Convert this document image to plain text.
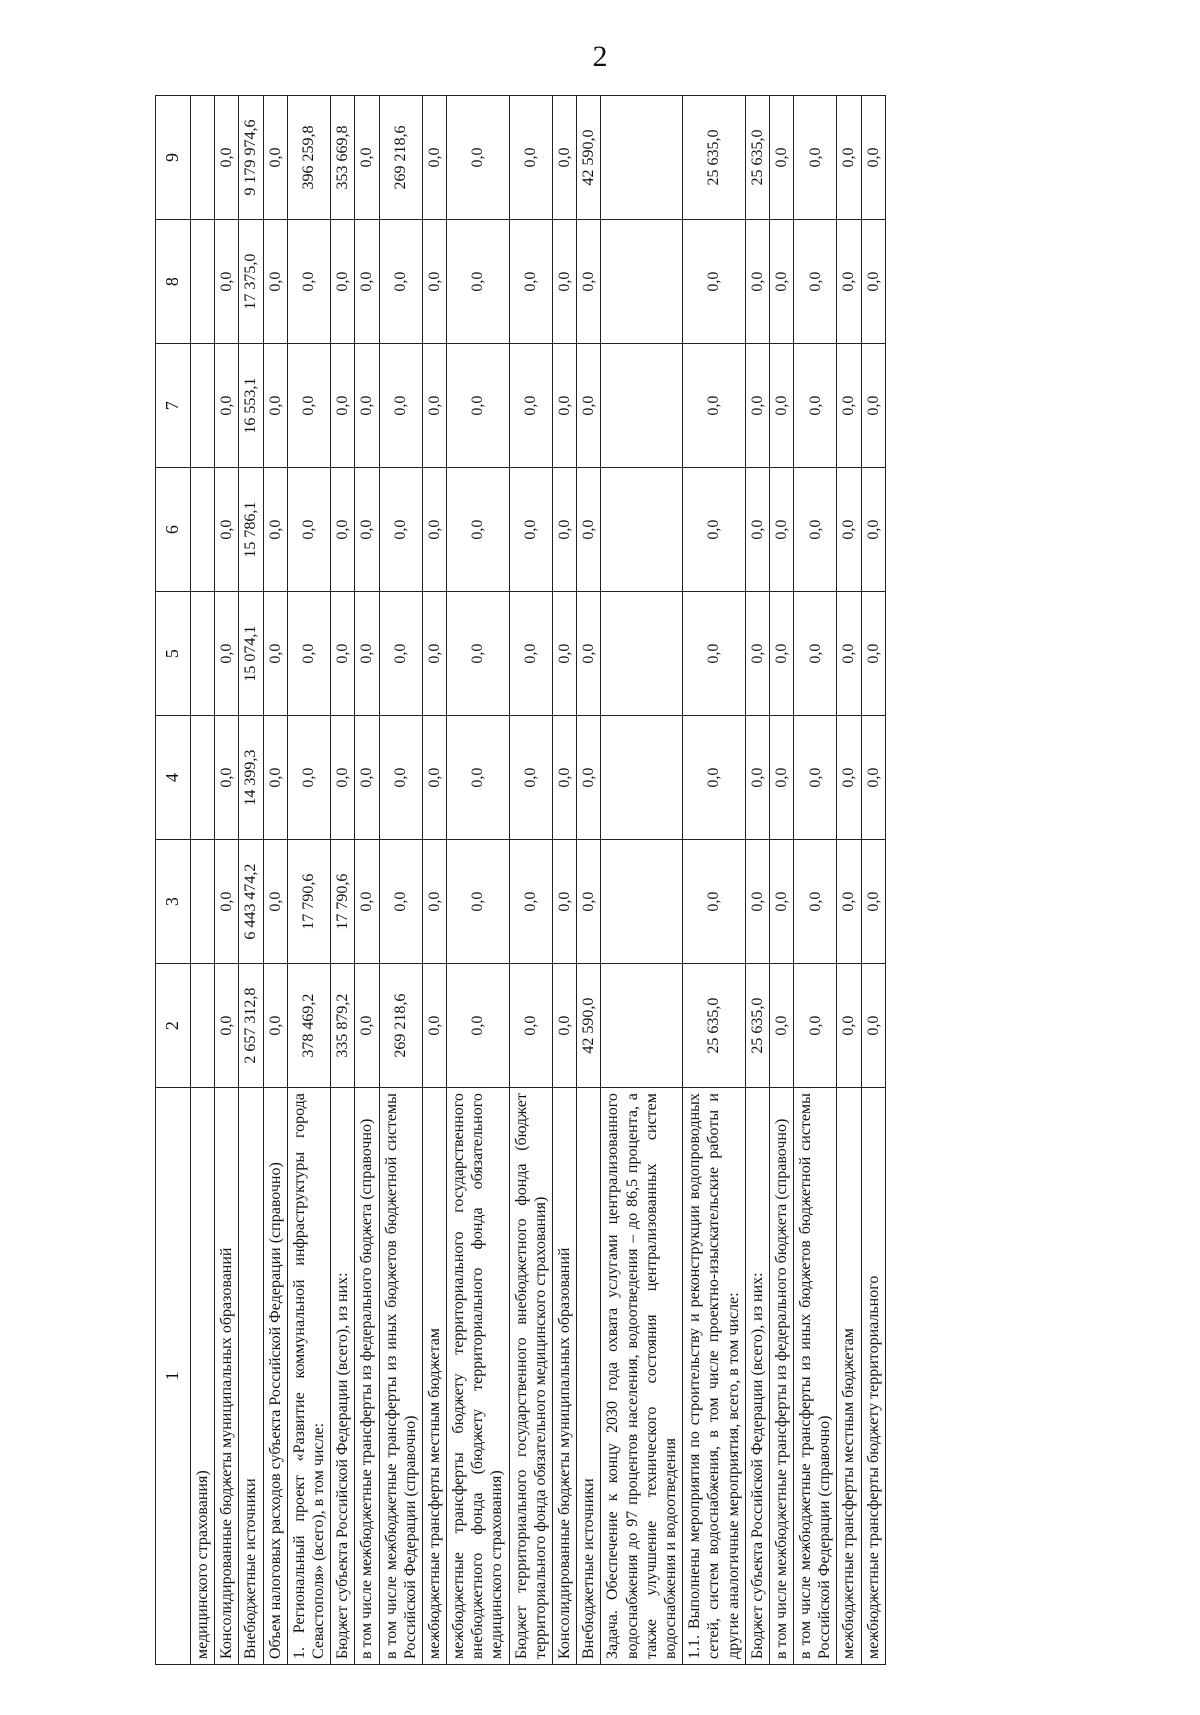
2
1	2	3	4	5	6	7	8	9
медицинского страхования)								
Консолидированные бюджеты муниципальных образований	0,0	0,0	0,0	0,0	0,0	0,0	0,0	0,0
Внебюджетные источники	2 657 312,8	6 443 474,2	14 399,3	15 074,1	15 786,1	16 553,1	17 375,0	9 179 974,6
Объем налоговых расходов субъекта Российской Федерации (справочно)	0,0	0,0	0,0	0,0	0,0	0,0	0,0	0,0
1. Региональный проект «Развитие коммунальной инфраструктуры города Севастополя» (всего), в том числе:	378 469,2	17 790,6	0,0	0,0	0,0	0,0	0,0	396 259,8
Бюджет субъекта Российской Федерации (всего), из них:	335 879,2	17 790,6	0,0	0,0	0,0	0,0	0,0	353 669,8
в том числе межбюджетные трансферты из федерального бюджета (справочно)	0,0	0,0	0,0	0,0	0,0	0,0	0,0	0,0
в том числе межбюджетные трансферты из иных бюджетов бюджетной системы Российской Федерации (справочно)	269 218,6	0,0	0,0	0,0	0,0	0,0	0,0	269 218,6
межбюджетные трансферты местным бюджетам	0,0	0,0	0,0	0,0	0,0	0,0	0,0	0,0
межбюджетные трансферты бюджету территориального государственного внебюджетного фонда (бюджету территориального фонда обязательного медицинского страхования)	0,0	0,0	0,0	0,0	0,0	0,0	0,0	0,0
Бюджет территориального государственного внебюджетного фонда (бюджет территориального фонда обязательного медицинского страхования)	0,0	0,0	0,0	0,0	0,0	0,0	0,0	0,0
Консолидированные бюджеты муниципальных образований	0,0	0,0	0,0	0,0	0,0	0,0	0,0	0,0
Внебюджетные источники	42 590,0	0,0	0,0	0,0	0,0	0,0	0,0	42 590,0
Задача. Обеспечение к концу 2030 года охвата услугами централизованного водоснабжения до 97 процентов населения, водоотведения – до 86,5 процента, а также улучшение технического состояния централизованных систем водоснабжения и водоотведения								
1.1. Выполнены мероприятия по строительству и реконструкции водопроводных сетей, систем водоснабжения, в том числе проектно-изыскательские работы и другие аналогичные мероприятия, всего, в том числе:	25 635,0	0,0	0,0	0,0	0,0	0,0	0,0	25 635,0
Бюджет субъекта Российской Федерации (всего), из них:	25 635,0	0,0	0,0	0,0	0,0	0,0	0,0	25 635,0
в том числе межбюджетные трансферты из федерального бюджета (справочно)	0,0	0,0	0,0	0,0	0,0	0,0	0,0	0,0
в том числе межбюджетные трансферты из иных бюджетов бюджетной системы Российской Федерации (справочно)	0,0	0,0	0,0	0,0	0,0	0,0	0,0	0,0
межбюджетные трансферты местным бюджетам	0,0	0,0	0,0	0,0	0,0	0,0	0,0	0,0
межбюджетные трансферты бюджету территориального	0,0	0,0	0,0	0,0	0,0	0,0	0,0	0,0
